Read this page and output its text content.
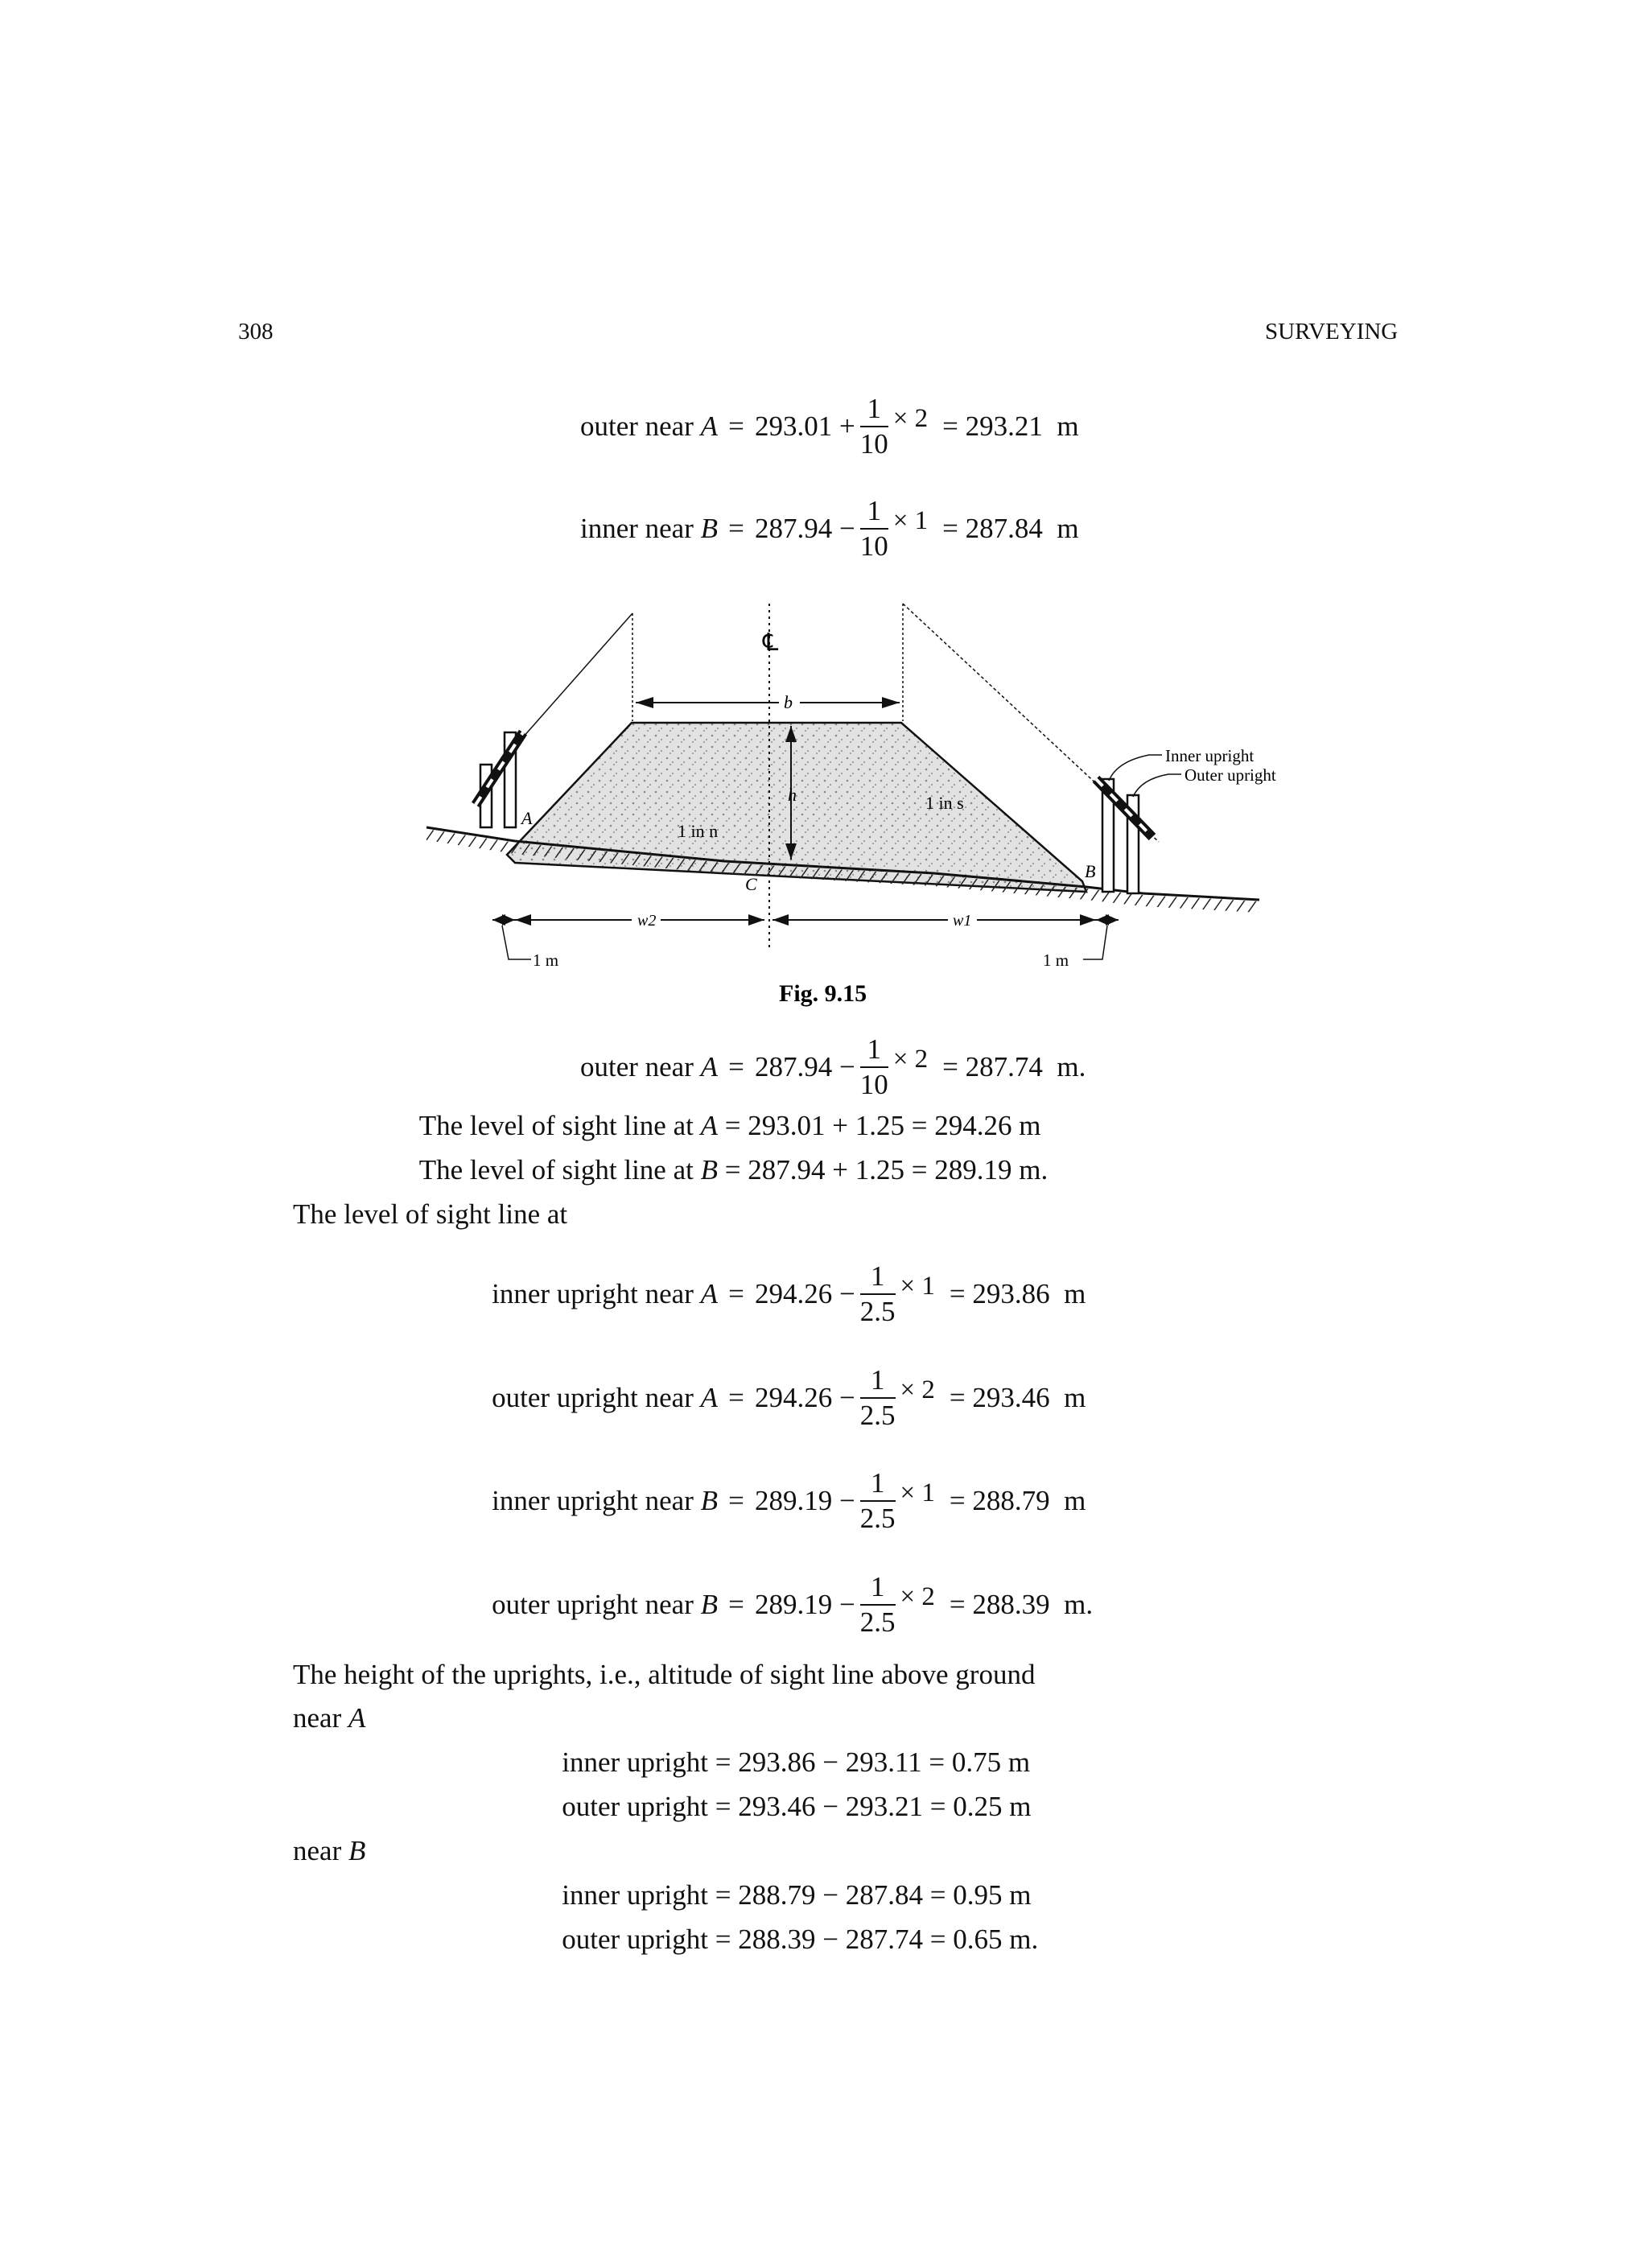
308	SURVEYING
outer near A = 293.01
+ $\frac{1}{10} \times 2 = 293.21$
m
inner near B = 287.94
− $\frac{1}{10} \times 1 = 287.84$
m
℄
b
h
1 in n
1 in s
A
B
C
Inner upright
Outer upright
w2	w1
1 m	1 m
Fig. 9.15
outer near A = 287.94
− $\frac{1}{10} \times 2 = 287.74$
m.
The level of sight line at A = 293.01 + 1.25 = 294.26 m
The level of sight line at B = 287.94 + 1.25 = 289.19 m.
The level of sight line at
inner upright near A = 294.26
− $\frac{1}{2.5} \times 1 = 293.86$
m
outer upright near A = 294.26
− $\frac{1}{2.5} \times 2 = 293.46$
m
inner upright near B = 289.19
− $\frac{1}{2.5} \times 1 = 288.79$
m
outer upright near B = 289.19
− $\frac{1}{2.5} \times 2 = 288.39$
m.
The height of the uprights, i.e., altitude of sight line above ground
near A
inner upright = 293.86 − 293.11 = 0.75 m
outer upright = 293.46 − 293.21 = 0.25 m
near B
inner upright = 288.79 − 287.84 = 0.95 m
outer upright = 288.39 − 287.74 = 0.65 m.
